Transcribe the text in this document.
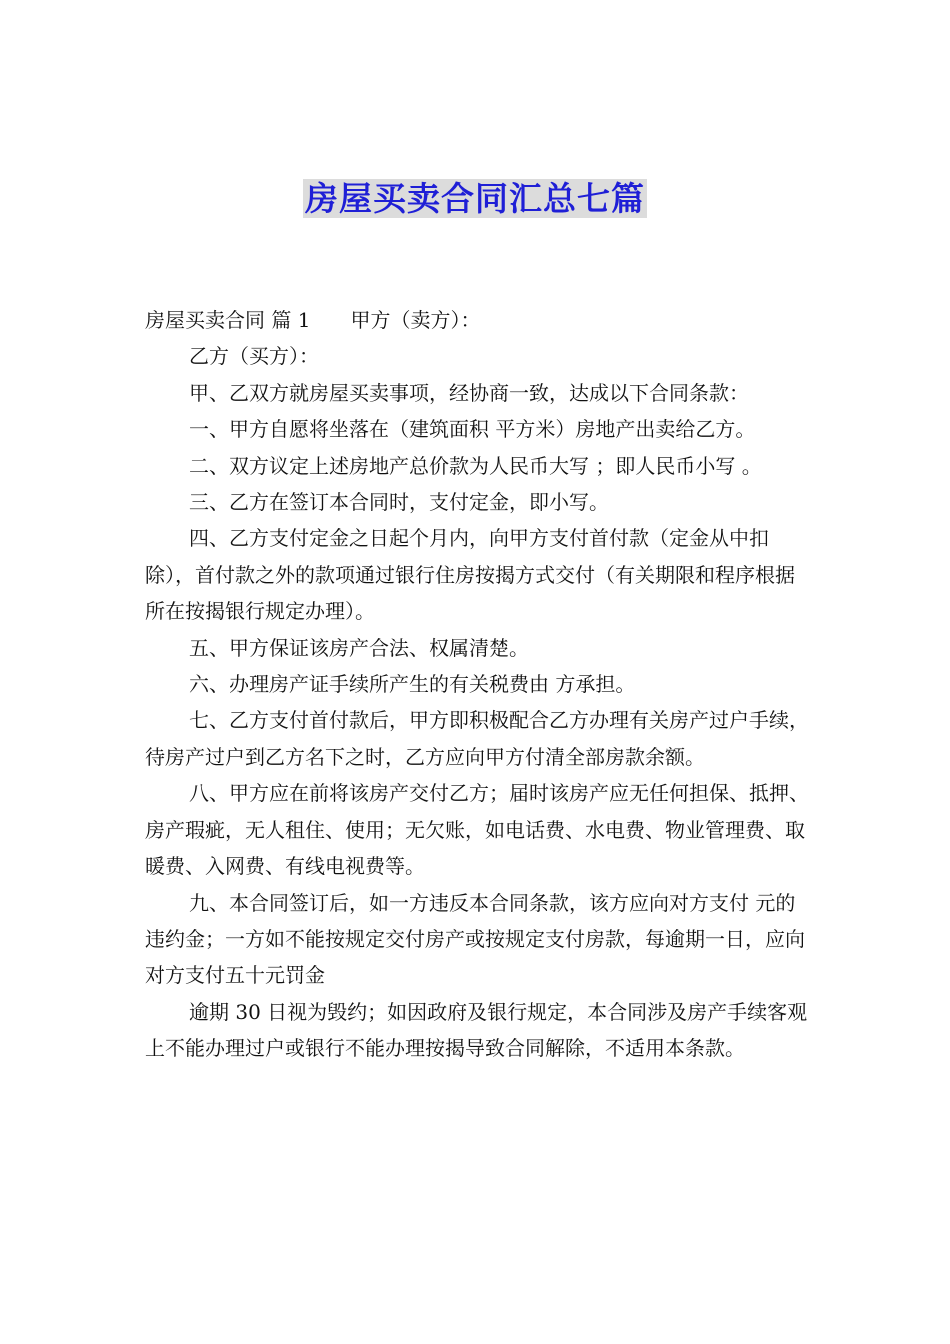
房屋买卖合同汇总七篇

房屋买卖合同 篇 1 甲方（卖方）：

乙方（买方）：

甲、乙双方就房屋买卖事项，经协商一致，达成以下合同条款：

一、甲方自愿将坐落在（建筑面积 平方米）房地产出卖给乙方。

二、双方议定上述房地产总价款为人民币大写 ；即人民币小写 。

三、乙方在签订本合同时，支付定金，即小写。

四、乙方支付定金之日起个月内，向甲方支付首付款（定金从中扣除），首付款之外的款项通过银行住房按揭方式交付（有关期限和程序根据所在按揭银行规定办理）。

五、甲方保证该房产合法、权属清楚。

六、办理房产证手续所产生的有关税费由 方承担。

七、乙方支付首付款后，甲方即积极配合乙方办理有关房产过户手续，待房产过户到乙方名下之时，乙方应向甲方付清全部房款余额。

八、甲方应在前将该房产交付乙方；届时该房产应无任何担保、抵押、房产瑕疵，无人租住、使用；无欠账，如电话费、水电费、物业管理费、取暖费、入网费、有线电视费等。

九、本合同签订后，如一方违反本合同条款，该方应向对方支付 元的违约金；一方如不能按规定交付房产或按规定支付房款，每逾期一日，应向对方支付五十元罚金

逾期 30 日视为毁约；如因政府及银行规定，本合同涉及房产手续客观上不能办理过户或银行不能办理按揭导致合同解除，不适用本条款。
